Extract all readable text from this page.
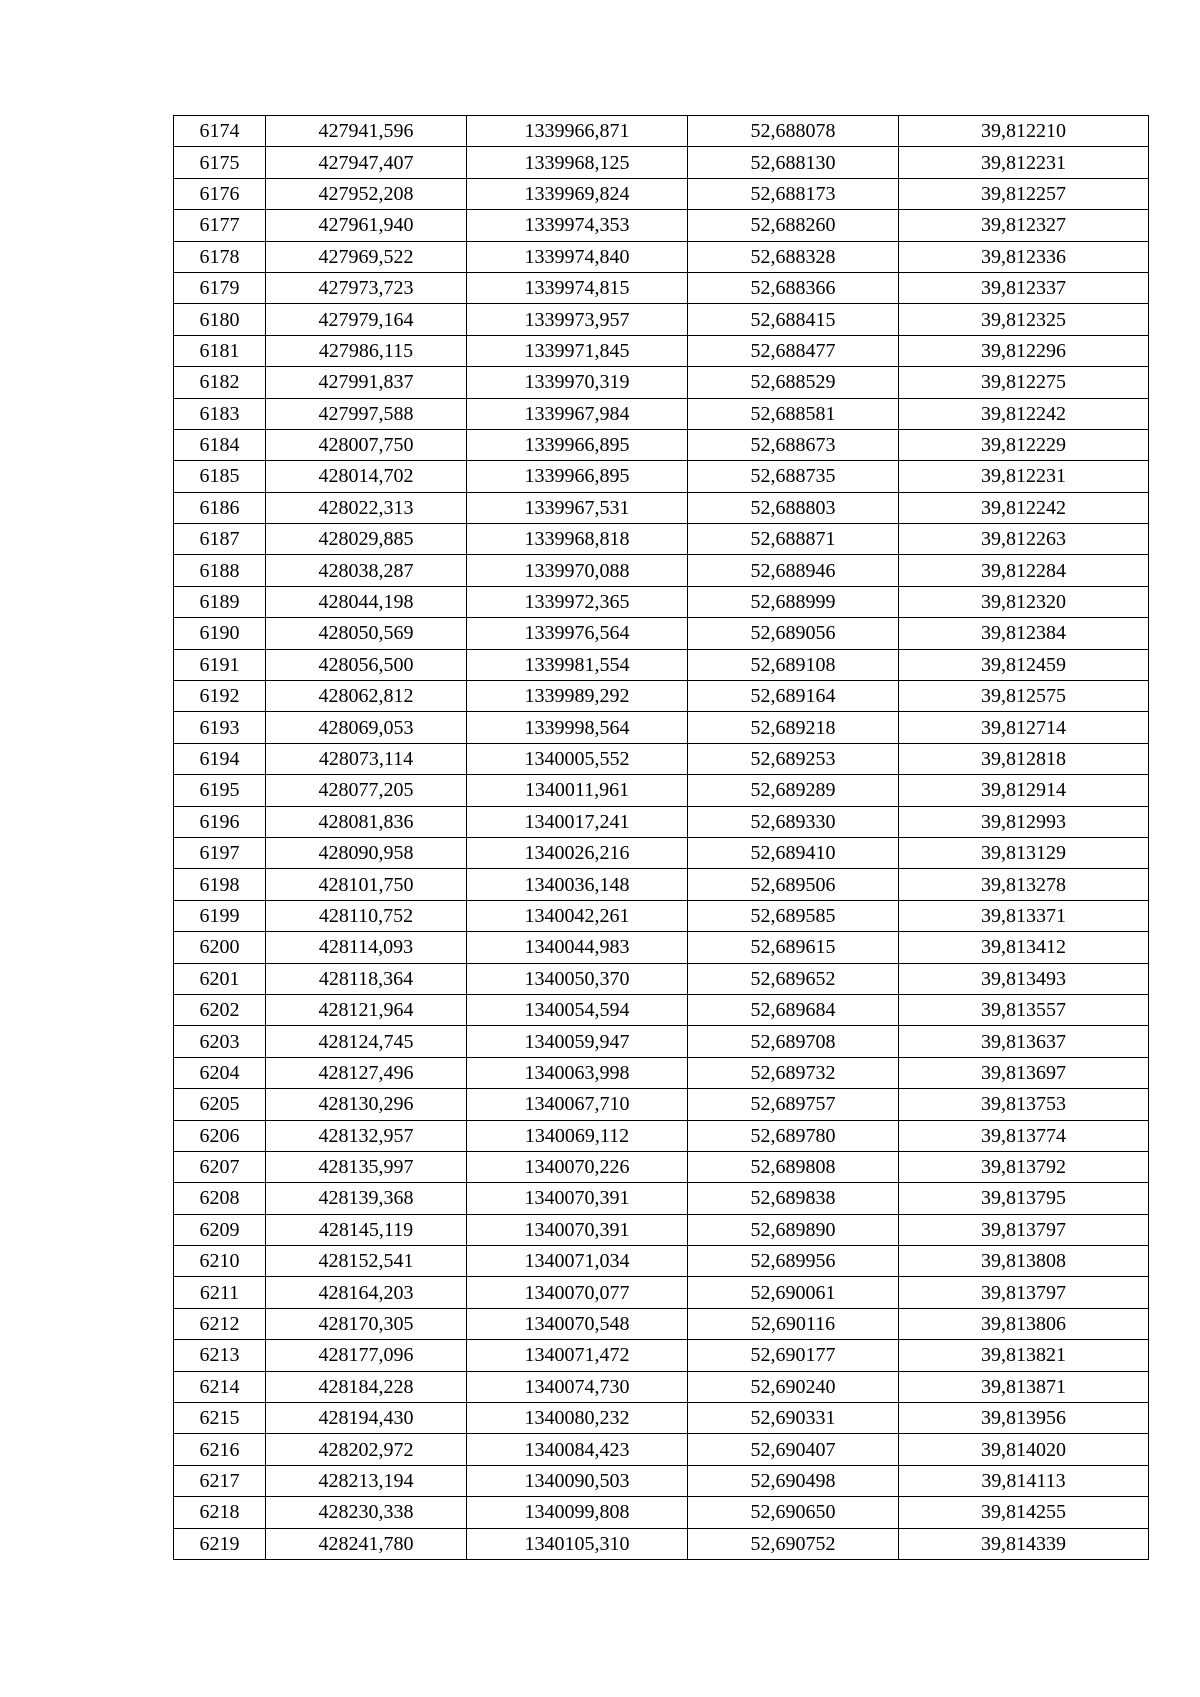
6174	427941,596	1339966,871	52,688078	39,812210
6175	427947,407	1339968,125	52,688130	39,812231
6176	427952,208	1339969,824	52,688173	39,812257
6177	427961,940	1339974,353	52,688260	39,812327
6178	427969,522	1339974,840	52,688328	39,812336
6179	427973,723	1339974,815	52,688366	39,812337
6180	427979,164	1339973,957	52,688415	39,812325
6181	427986,115	1339971,845	52,688477	39,812296
6182	427991,837	1339970,319	52,688529	39,812275
6183	427997,588	1339967,984	52,688581	39,812242
6184	428007,750	1339966,895	52,688673	39,812229
6185	428014,702	1339966,895	52,688735	39,812231
6186	428022,313	1339967,531	52,688803	39,812242
6187	428029,885	1339968,818	52,688871	39,812263
6188	428038,287	1339970,088	52,688946	39,812284
6189	428044,198	1339972,365	52,688999	39,812320
6190	428050,569	1339976,564	52,689056	39,812384
6191	428056,500	1339981,554	52,689108	39,812459
6192	428062,812	1339989,292	52,689164	39,812575
6193	428069,053	1339998,564	52,689218	39,812714
6194	428073,114	1340005,552	52,689253	39,812818
6195	428077,205	1340011,961	52,689289	39,812914
6196	428081,836	1340017,241	52,689330	39,812993
6197	428090,958	1340026,216	52,689410	39,813129
6198	428101,750	1340036,148	52,689506	39,813278
6199	428110,752	1340042,261	52,689585	39,813371
6200	428114,093	1340044,983	52,689615	39,813412
6201	428118,364	1340050,370	52,689652	39,813493
6202	428121,964	1340054,594	52,689684	39,813557
6203	428124,745	1340059,947	52,689708	39,813637
6204	428127,496	1340063,998	52,689732	39,813697
6205	428130,296	1340067,710	52,689757	39,813753
6206	428132,957	1340069,112	52,689780	39,813774
6207	428135,997	1340070,226	52,689808	39,813792
6208	428139,368	1340070,391	52,689838	39,813795
6209	428145,119	1340070,391	52,689890	39,813797
6210	428152,541	1340071,034	52,689956	39,813808
6211	428164,203	1340070,077	52,690061	39,813797
6212	428170,305	1340070,548	52,690116	39,813806
6213	428177,096	1340071,472	52,690177	39,813821
6214	428184,228	1340074,730	52,690240	39,813871
6215	428194,430	1340080,232	52,690331	39,813956
6216	428202,972	1340084,423	52,690407	39,814020
6217	428213,194	1340090,503	52,690498	39,814113
6218	428230,338	1340099,808	52,690650	39,814255
6219	428241,780	1340105,310	52,690752	39,814339
